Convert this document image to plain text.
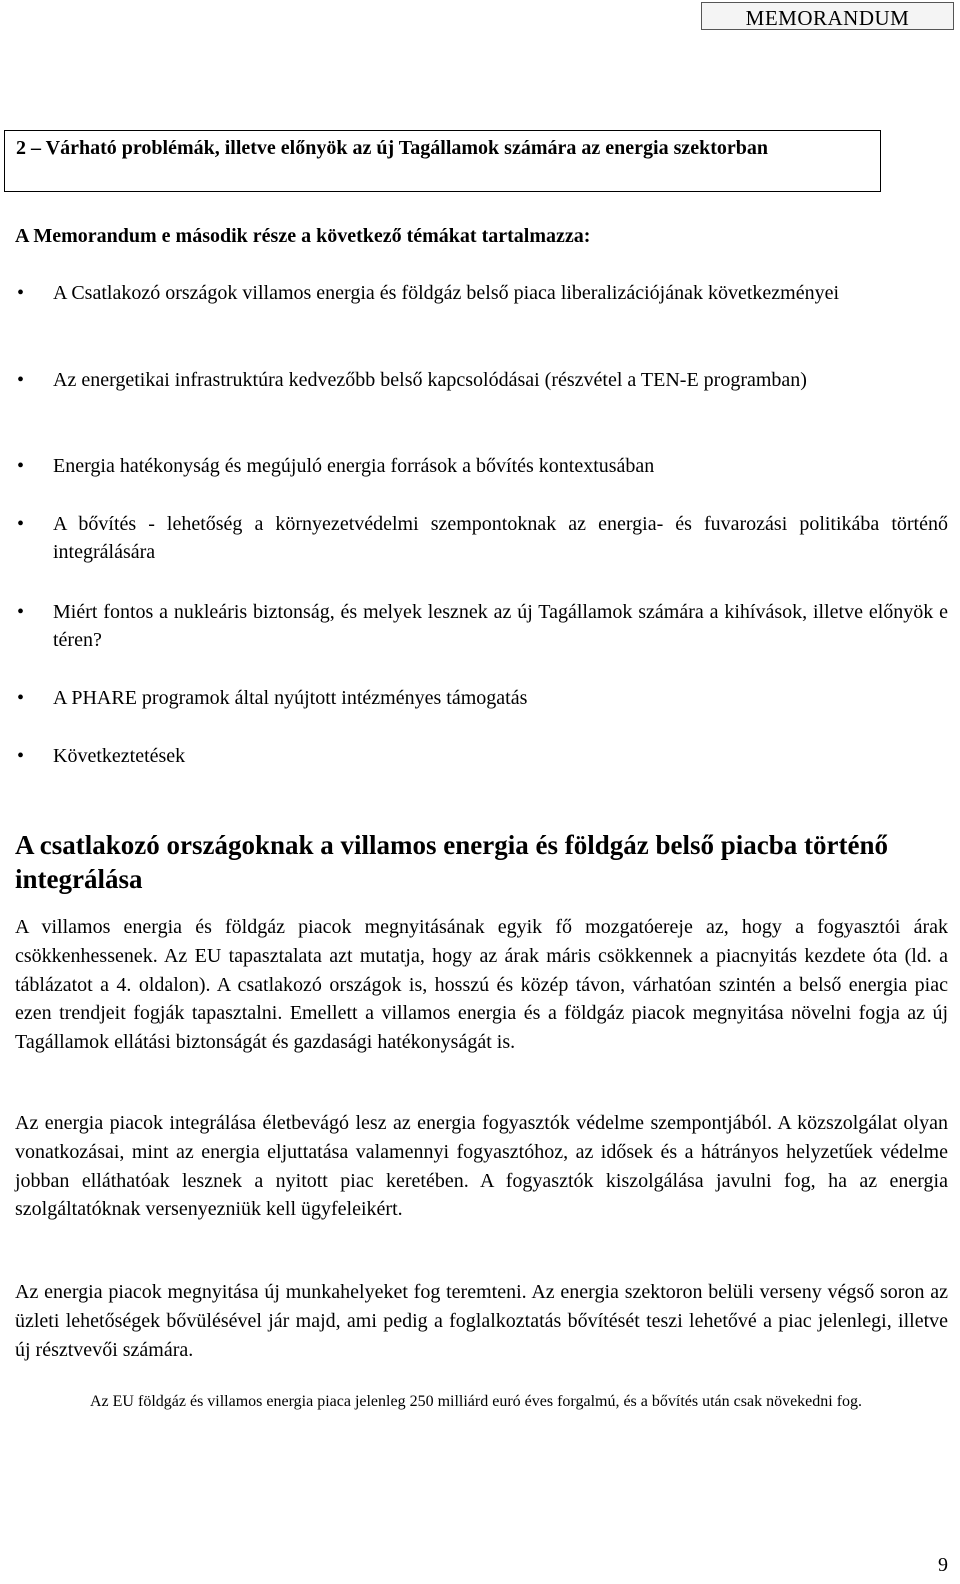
MEMORANDUM
2 – Várható problémák, illetve előnyök az új Tagállamok számára az energia szektorban
A Memorandum e második része a következő témákat tartalmazza:
• A Csatlakozó országok villamos energia és földgáz belső piaca liberalizációjának következményei
• Az energetikai infrastruktúra kedvezőbb belső kapcsolódásai (részvétel a TEN-E programban)
• Energia hatékonyság és megújuló energia források a bővítés kontextusában
• A bővítés - lehetőség a környezetvédelmi szempontoknak az energia- és fuvarozási politikába történő integrálására
• Miért fontos a nukleáris biztonság, és melyek lesznek az új Tagállamok számára a kihívások, illetve előnyök e téren?
• A PHARE programok által nyújtott intézményes támogatás
• Következtetések
A csatlakozó országoknak a villamos energia és földgáz belső piacba történő integrálása

A villamos energia és földgáz piacok megnyitásának egyik fő mozgatóereje az, hogy a fogyasztói árak csökkenhessenek. Az EU tapasztalata azt mutatja, hogy az árak máris csökkennek a piacnyitás kezdete óta (ld. a táblázatot a 4. oldalon). A csatlakozó országok is, hosszú és közép távon, várhatóan szintén a belső energia piac ezen trendjeit fogják tapasztalni. Emellett a villamos energia és a földgáz piacok megnyitása növelni fogja az új Tagállamok ellátási biztonságát és gazdasági hatékonyságát is.

Az energia piacok integrálása életbevágó lesz az energia fogyasztók védelme szempontjából. A közszolgálat olyan vonatkozásai, mint az energia eljuttatása valamennyi fogyasztóhoz, az idősek és a hátrányos helyzetűek védelme jobban elláthatóak lesznek a nyitott piac keretében. A fogyasztók kiszolgálása javulni fog, ha az energia szolgáltatóknak versenyezniük kell ügyfeleikért.

Az energia piacok megnyitása új munkahelyeket fog teremteni. Az energia szektoron belüli verseny végső soron az üzleti lehetőségek bővülésével jár majd, ami pedig a foglalkoztatás bővítését teszi lehetővé a piac jelenlegi, illetve új résztvevői számára.

Az EU földgáz és villamos energia piaca jelenleg 250 milliárd euró éves forgalmú, és a bővítés után csak növekedni fog.

9
